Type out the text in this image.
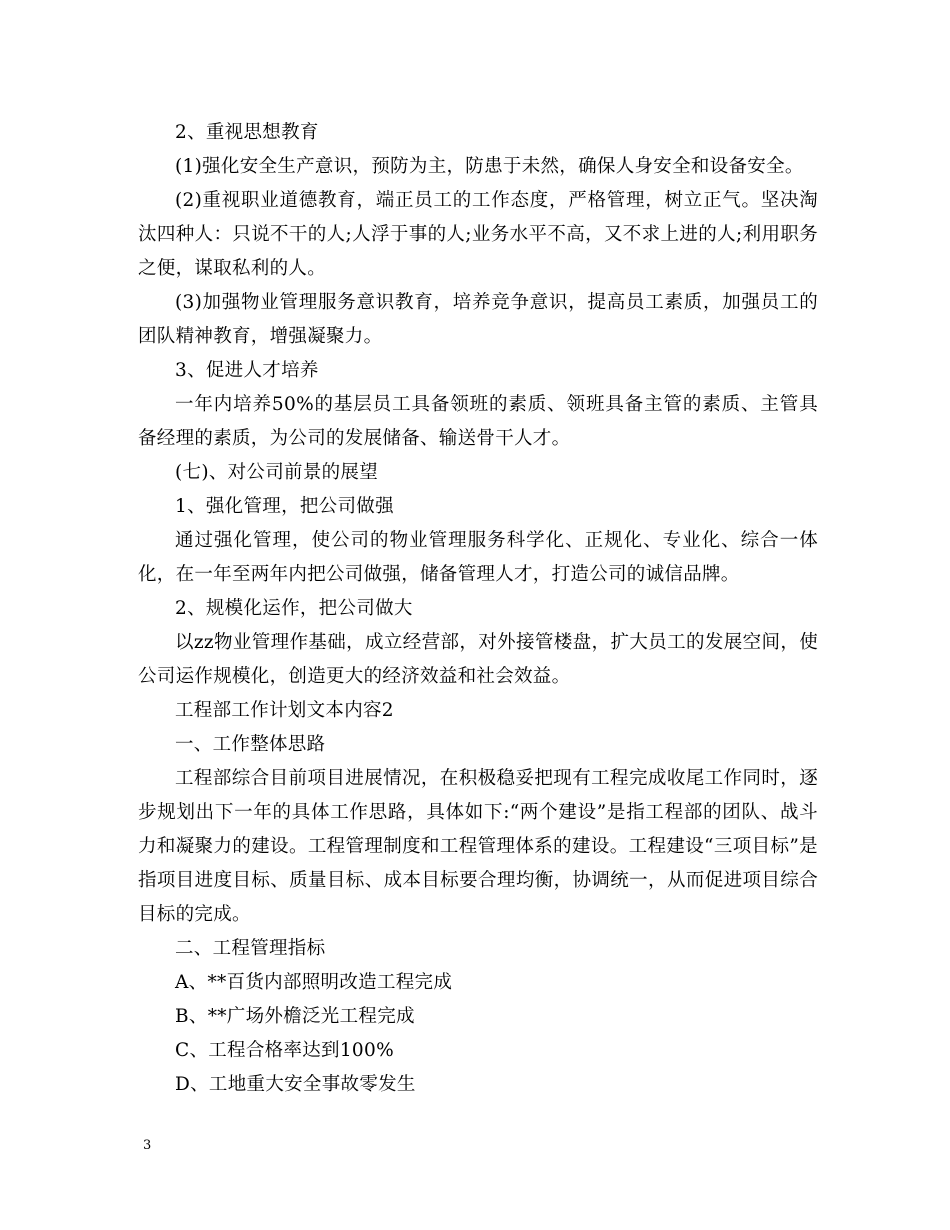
2、重视思想教育

(1)强化安全生产意识，预防为主，防患于未然，确保人身安全和设备安全。

(2)重视职业道德教育，端正员工的工作态度，严格管理，树立正气。坚决淘汰四种人：只说不干的人;人浮于事的人;业务水平不高，又不求上进的人;利用职务之便，谋取私利的人。

(3)加强物业管理服务意识教育，培养竞争意识，提高员工素质，加强员工的团队精神教育，增强凝聚力。

3、促进人才培养

一年内培养50%的基层员工具备领班的素质、领班具备主管的素质、主管具备经理的素质，为公司的发展储备、输送骨干人才。

(七)、对公司前景的展望

1、强化管理，把公司做强

通过强化管理，使公司的物业管理服务科学化、正规化、专业化、综合一体化，在一年至两年内把公司做强，储备管理人才，打造公司的诚信品牌。

2、规模化运作，把公司做大

以zz物业管理作基础，成立经营部，对外接管楼盘，扩大员工的发展空间，使公司运作规模化，创造更大的经济效益和社会效益。

工程部工作计划文本内容2

一、工作整体思路

工程部综合目前项目进展情况，在积极稳妥把现有工程完成收尾工作同时，逐步规划出下一年的具体工作思路，具体如下:“两个建设”是指工程部的团队、战斗力和凝聚力的建设。工程管理制度和工程管理体系的建设。工程建设“三项目标”是指项目进度目标、质量目标、成本目标要合理均衡，协调统一，从而促进项目综合目标的完成。

二、工程管理指标

A、**百货内部照明改造工程完成

B、**广场外檐泛光工程完成

C、工程合格率达到100%

D、工地重大安全事故零发生

3
